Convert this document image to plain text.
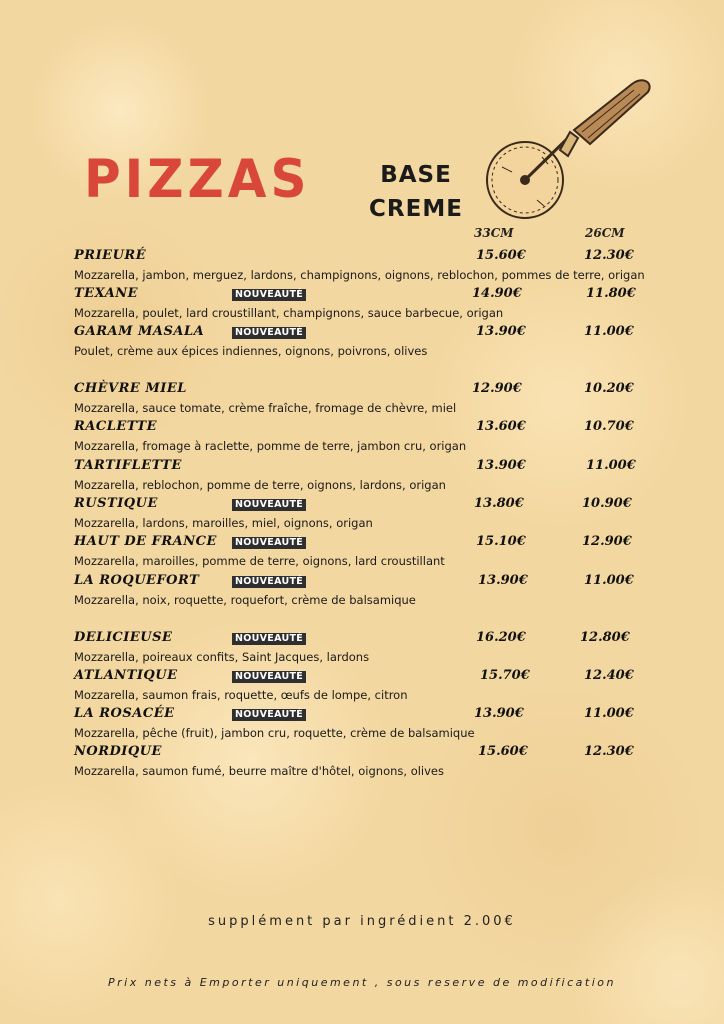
PIZZAS	BASE
CREME
33CM	26CM
PRIEURÉ	15.60€	12.30€
Mozzarella, jambon, merguez, lardons, champignons, oignons, reblochon, pommes de terre, origan
TEXANE	NOUVEAUTÉ	14.90€	11.80€
Mozzarella, poulet, lard croustillant, champignons, sauce barbecue, origan
GARAM MASALA	NOUVEAUTÉ	13.90€	11.00€
Poulet, crème aux épices indiennes, oignons, poivrons, olives
CHÈVRE MIEL	12.90€	10.20€
Mozzarella, sauce tomate, crème fraîche, fromage de chèvre, miel
RACLETTE	13.60€	10.70€
Mozzarella, fromage à raclette, pomme de terre, jambon cru, origan
TARTIFLETTE	13.90€	11.00€
Mozzarella, reblochon, pomme de terre, oignons, lardons, origan
RUSTIQUE	NOUVEAUTÉ	13.80€	10.90€
Mozzarella, lardons, maroilles, miel, oignons, origan
HAUT DE FRANCE	NOUVEAUTÉ	15.10€	12.90€
Mozzarella, maroilles, pomme de terre, oignons, lard croustillant
LA ROQUEFORT	NOUVEAUTÉ	13.90€	11.00€
Mozzarella, noix, roquette, roquefort, crème de balsamique
DELICIEUSE	NOUVEAUTÉ	16.20€	12.80€
Mozzarella, poireaux confits, Saint Jacques, lardons
ATLANTIQUE	NOUVEAUTÉ	15.70€	12.40€
Mozzarella, saumon frais, roquette, œufs de lompe, citron
LA ROSACÉE	NOUVEAUTÉ	13.90€	11.00€
Mozzarella, pêche (fruit), jambon cru, roquette, crème de balsamique
NORDIQUE	15.60€	12.30€
Mozzarella, saumon fumé, beurre maître d'hôtel, oignons, olives
supplément par ingrédient 2.00€
Prix nets à Emporter uniquement , sous reserve de modification
